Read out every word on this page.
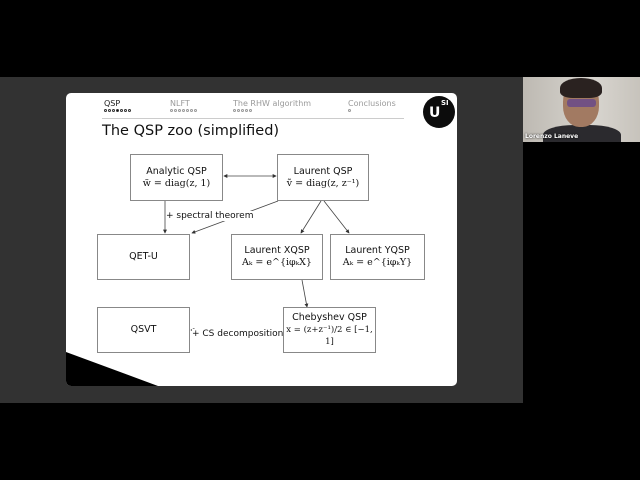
QSP	NLFT	The RHW algorithm	Conclusions
U
SI
The QSP zoo (simplified)
Analytic QSP
w̃ = diag(z, 1)
Laurent QSP
ṽ = diag(z, z⁻¹)
QET-U
Laurent XQSP
Aₖ = e^{iφₖX}
Laurent YQSP
Aₖ = e^{iφₖY}
QSVT
Chebyshev QSP
x = (z+z⁻¹)/2 ∈ [−1, 1]
+ spectral theorem
+ CS decomposition
Lorenzo Laneve
